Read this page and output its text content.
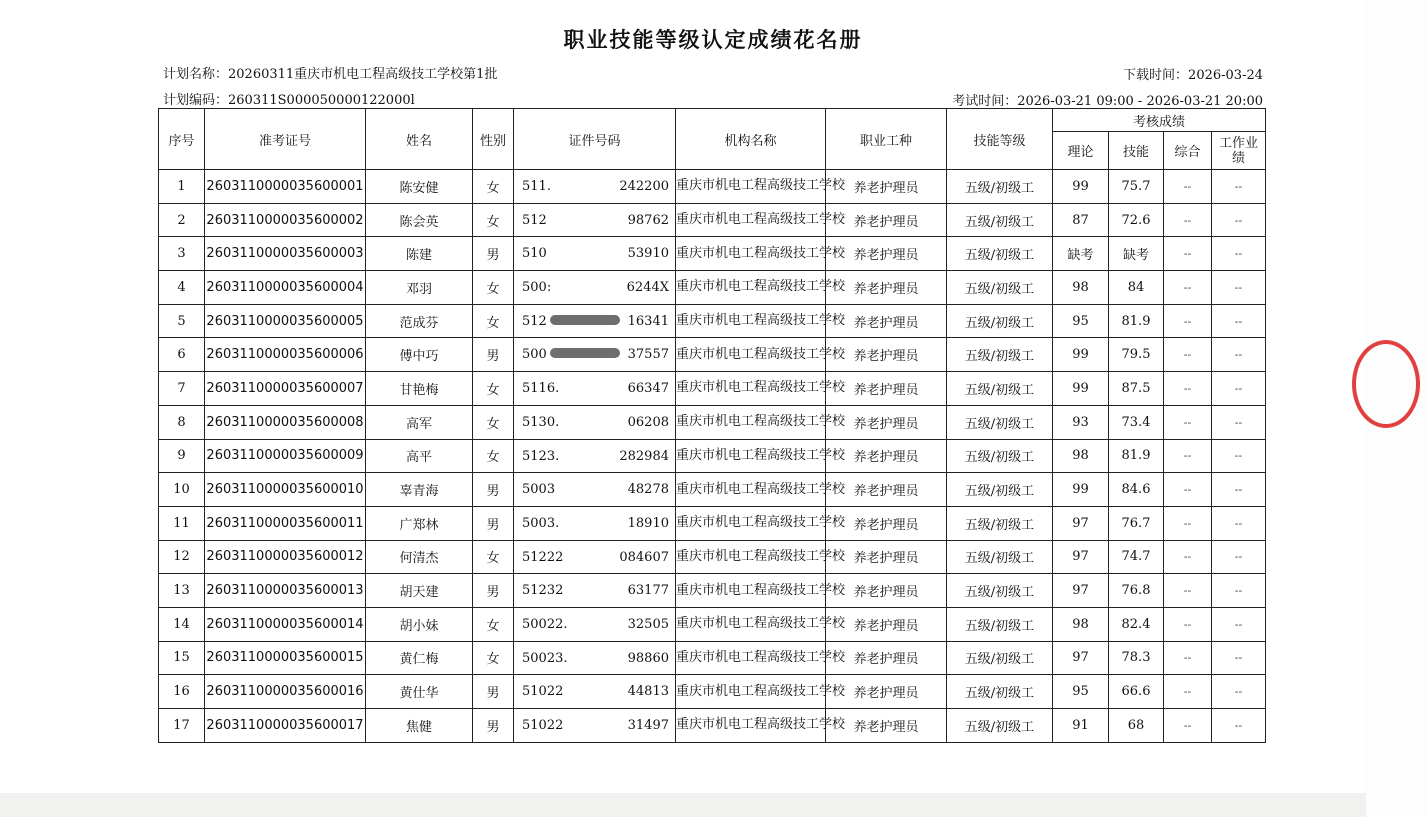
职业技能等级认定成绩花名册
计划名称：20260311重庆市机电工程高级技工学校第1批
计划编码：260311S000050000122000l
下载时间：2026-03-24
考试时间：2026-03-21 09:00 - 2026-03-21 20:00
序号	准考证号	姓名	性别	证件号码	机构名称	职业工种	技能等级	考核成绩			
								理论	技能	综合	工作业绩
1	2603110000035600001	陈安健	女	511. 242200	重庆市机电工程高级技工学校	养老护理员	五级/初级工	99	75.7	--	--
2	2603110000035600002	陈会英	女	512 98762	重庆市机电工程高级技工学校	养老护理员	五级/初级工	87	72.6	--	--
3	2603110000035600003	陈建	男	510 53910	重庆市机电工程高级技工学校	养老护理员	五级/初级工	缺考	缺考	--	--
4	2603110000035600004	邓羽	女	500: 6244X	重庆市机电工程高级技工学校	养老护理员	五级/初级工	98	84	--	--
5	2603110000035600005	范成芬	女	512 16341	重庆市机电工程高级技工学校	养老护理员	五级/初级工	95	81.9	--	--
6	2603110000035600006	傅中巧	男	500 37557	重庆市机电工程高级技工学校	养老护理员	五级/初级工	99	79.5	--	--
7	2603110000035600007	甘艳梅	女	5116. 66347	重庆市机电工程高级技工学校	养老护理员	五级/初级工	99	87.5	--	--
8	2603110000035600008	高军	女	5130. 06208	重庆市机电工程高级技工学校	养老护理员	五级/初级工	93	73.4	--	--
9	2603110000035600009	高平	女	5123. 282984	重庆市机电工程高级技工学校	养老护理员	五级/初级工	98	81.9	--	--
10	2603110000035600010	辜青海	男	5003 48278	重庆市机电工程高级技工学校	养老护理员	五级/初级工	99	84.6	--	--
11	2603110000035600011	广郑林	男	5003. 18910	重庆市机电工程高级技工学校	养老护理员	五级/初级工	97	76.7	--	--
12	2603110000035600012	何清杰	女	51222 084607	重庆市机电工程高级技工学校	养老护理员	五级/初级工	97	74.7	--	--
13	2603110000035600013	胡天建	男	51232 63177	重庆市机电工程高级技工学校	养老护理员	五级/初级工	97	76.8	--	--
14	2603110000035600014	胡小妹	女	50022. 32505	重庆市机电工程高级技工学校	养老护理员	五级/初级工	98	82.4	--	--
15	2603110000035600015	黄仁梅	女	50023. 98860	重庆市机电工程高级技工学校	养老护理员	五级/初级工	97	78.3	--	--
16	2603110000035600016	黄仕华	男	51022 44813	重庆市机电工程高级技工学校	养老护理员	五级/初级工	95	66.6	--	--
17	2603110000035600017	焦健	男	51022 31497	重庆市机电工程高级技工学校	养老护理员	五级/初级工	91	68	--	--
